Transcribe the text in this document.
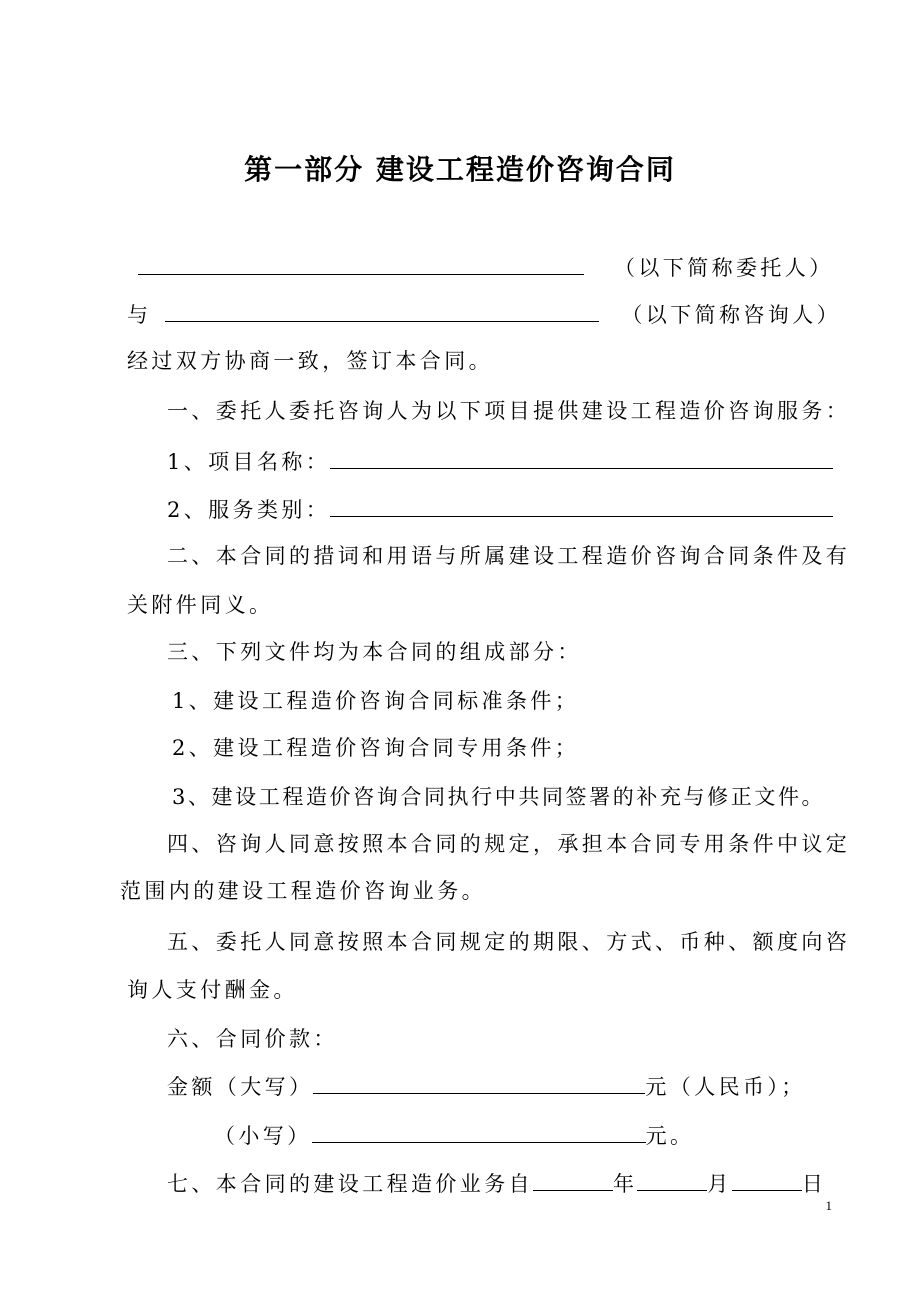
第一部分 建设工程造价咨询合同
（以下简称委托人）
与	（以下简称咨询人）
经过双方协商一致，签订本合同。
一、委托人委托咨询人为以下项目提供建设工程造价咨询服务：
1、项目名称：
2、服务类别：
二、本合同的措词和用语与所属建设工程造价咨询合同条件及有
关附件同义。
三、下列文件均为本合同的组成部分：
1、建设工程造价咨询合同标准条件；
2、建设工程造价咨询合同专用条件；
3、建设工程造价咨询合同执行中共同签署的补充与修正文件。
四、咨询人同意按照本合同的规定，承担本合同专用条件中议定
范围内的建设工程造价咨询业务。
五、委托人同意按照本合同规定的期限、方式、币种、额度向咨
询人支付酬金。
六、合同价款：
金额（大写）	元（人民币）；
（小写）	元。
七、本合同的建设工程造价业务自	年	月	日
1
